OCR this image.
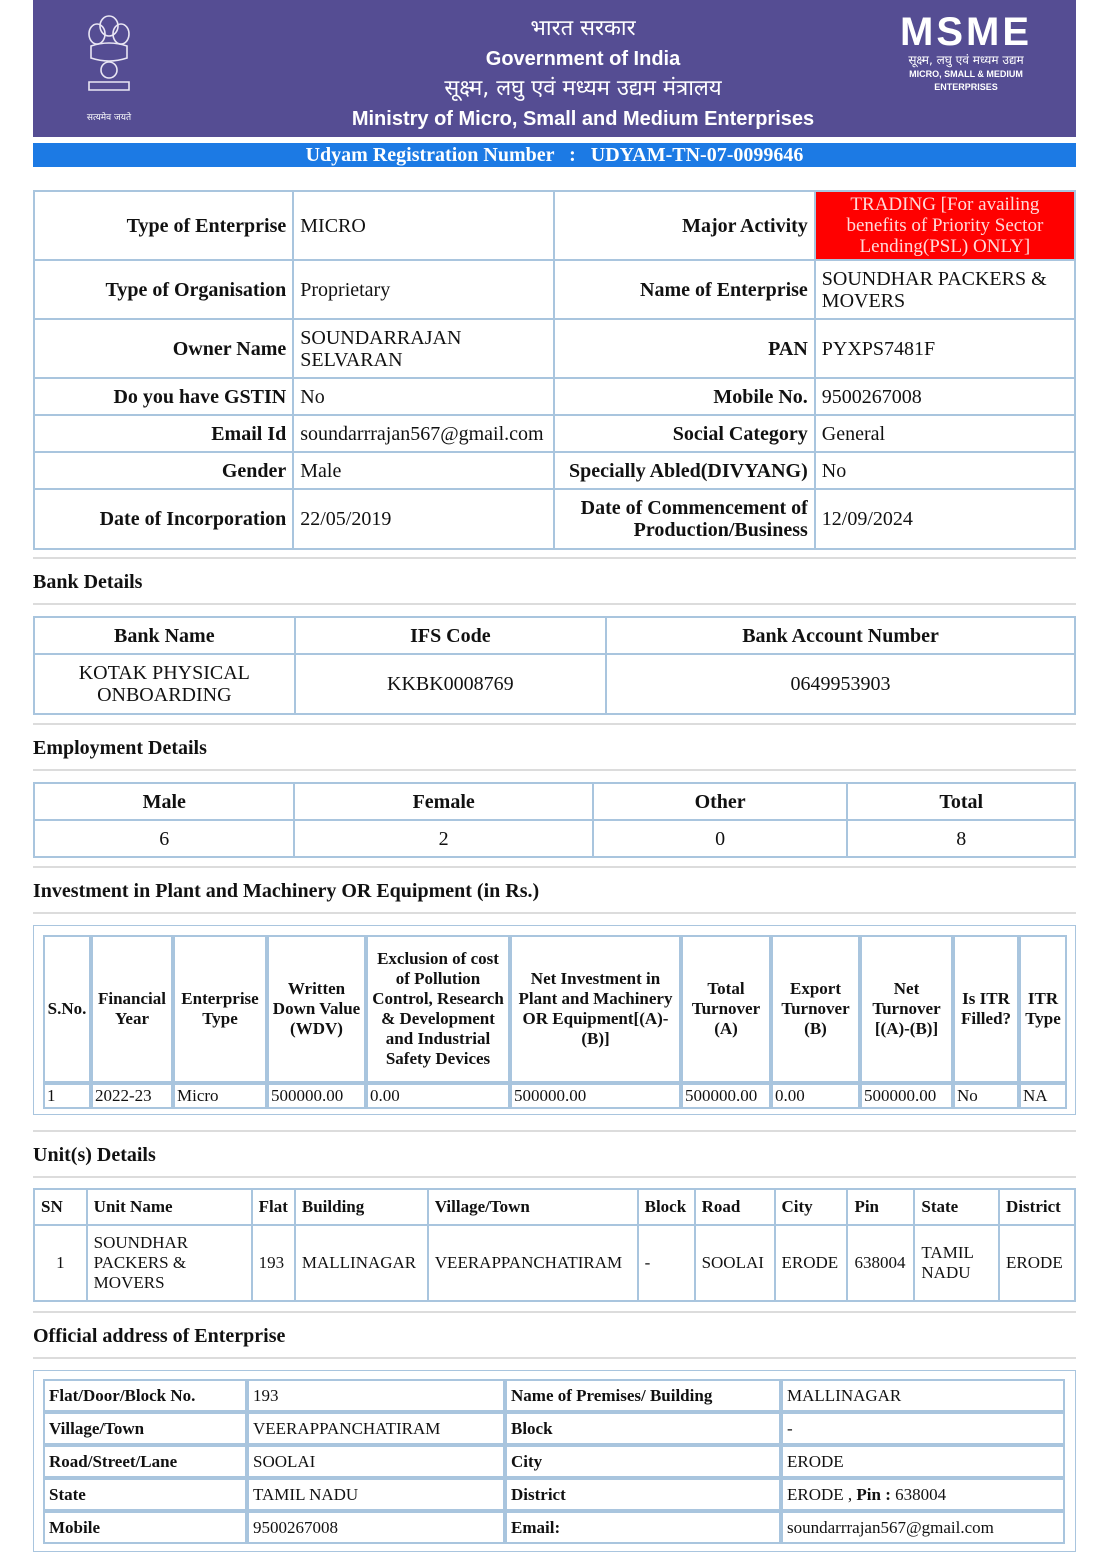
सत्यमेव जयते
भारत सरकार
Government of India
सूक्ष्म, लघु एवं मध्यम उद्यम मंत्रालय
Ministry of Micro, Small and Medium Enterprises
MSME
सूक्ष्म, लघु एवं मध्यम उद्यम
MICRO, SMALL & MEDIUM ENTERPRISES
Udyam Registration Number : UDYAM-TN-07-0099646
Type of Enterprise	MICRO	Major Activity	TRADING [For availing benefits of Priority Sector Lending(PSL) ONLY]
Type of Organisation	Proprietary	Name of Enterprise	SOUNDHAR PACKERS & MOVERS
Owner Name	SOUNDARRAJAN SELVARAN	PAN	PYXPS7481F
Do you have GSTIN	No	Mobile No.	9500267008
Email Id	soundarrrajan567@gmail.com	Social Category	General
Gender	Male	Specially Abled(DIVYANG)	No
Date of Incorporation	22/05/2019	Date of Commencement of Production/Business	12/09/2024
Bank Details
Bank Name	IFS Code	Bank Account Number
KOTAK PHYSICAL ONBOARDING	KKBK0008769	0649953903
Employment Details
Male	Female	Other	Total
6	2	0	8
Investment in Plant and Machinery OR Equipment (in Rs.)
S.No.	Financial Year	Enterprise Type	Written Down Value (WDV)	Exclusion of cost of Pollution Control, Research & Development and Industrial Safety Devices	Net Investment in Plant and Machinery OR Equipment[(A)-(B)]	Total Turnover (A)	Export Turnover (B)	Net Turnover [(A)-(B)]	Is ITR Filled?	ITR Type
1	2022-23	Micro	500000.00	0.00	500000.00	500000.00	0.00	500000.00	No	NA
Unit(s) Details
SN	Unit Name	Flat	Building	Village/Town	Block	Road	City	Pin	State	District
1	SOUNDHAR PACKERS & MOVERS	193	MALLINAGAR	VEERAPPANCHATIRAM	-	SOOLAI	ERODE	638004	TAMIL NADU	ERODE
Official address of Enterprise
Flat/Door/Block No.	193	Name of Premises/ Building	MALLINAGAR
Village/Town	VEERAPPANCHATIRAM	Block	-
Road/Street/Lane	SOOLAI	City	ERODE
State	TAMIL NADU	District	ERODE , Pin : 638004
Mobile	9500267008	Email:	soundarrrajan567@gmail.com
